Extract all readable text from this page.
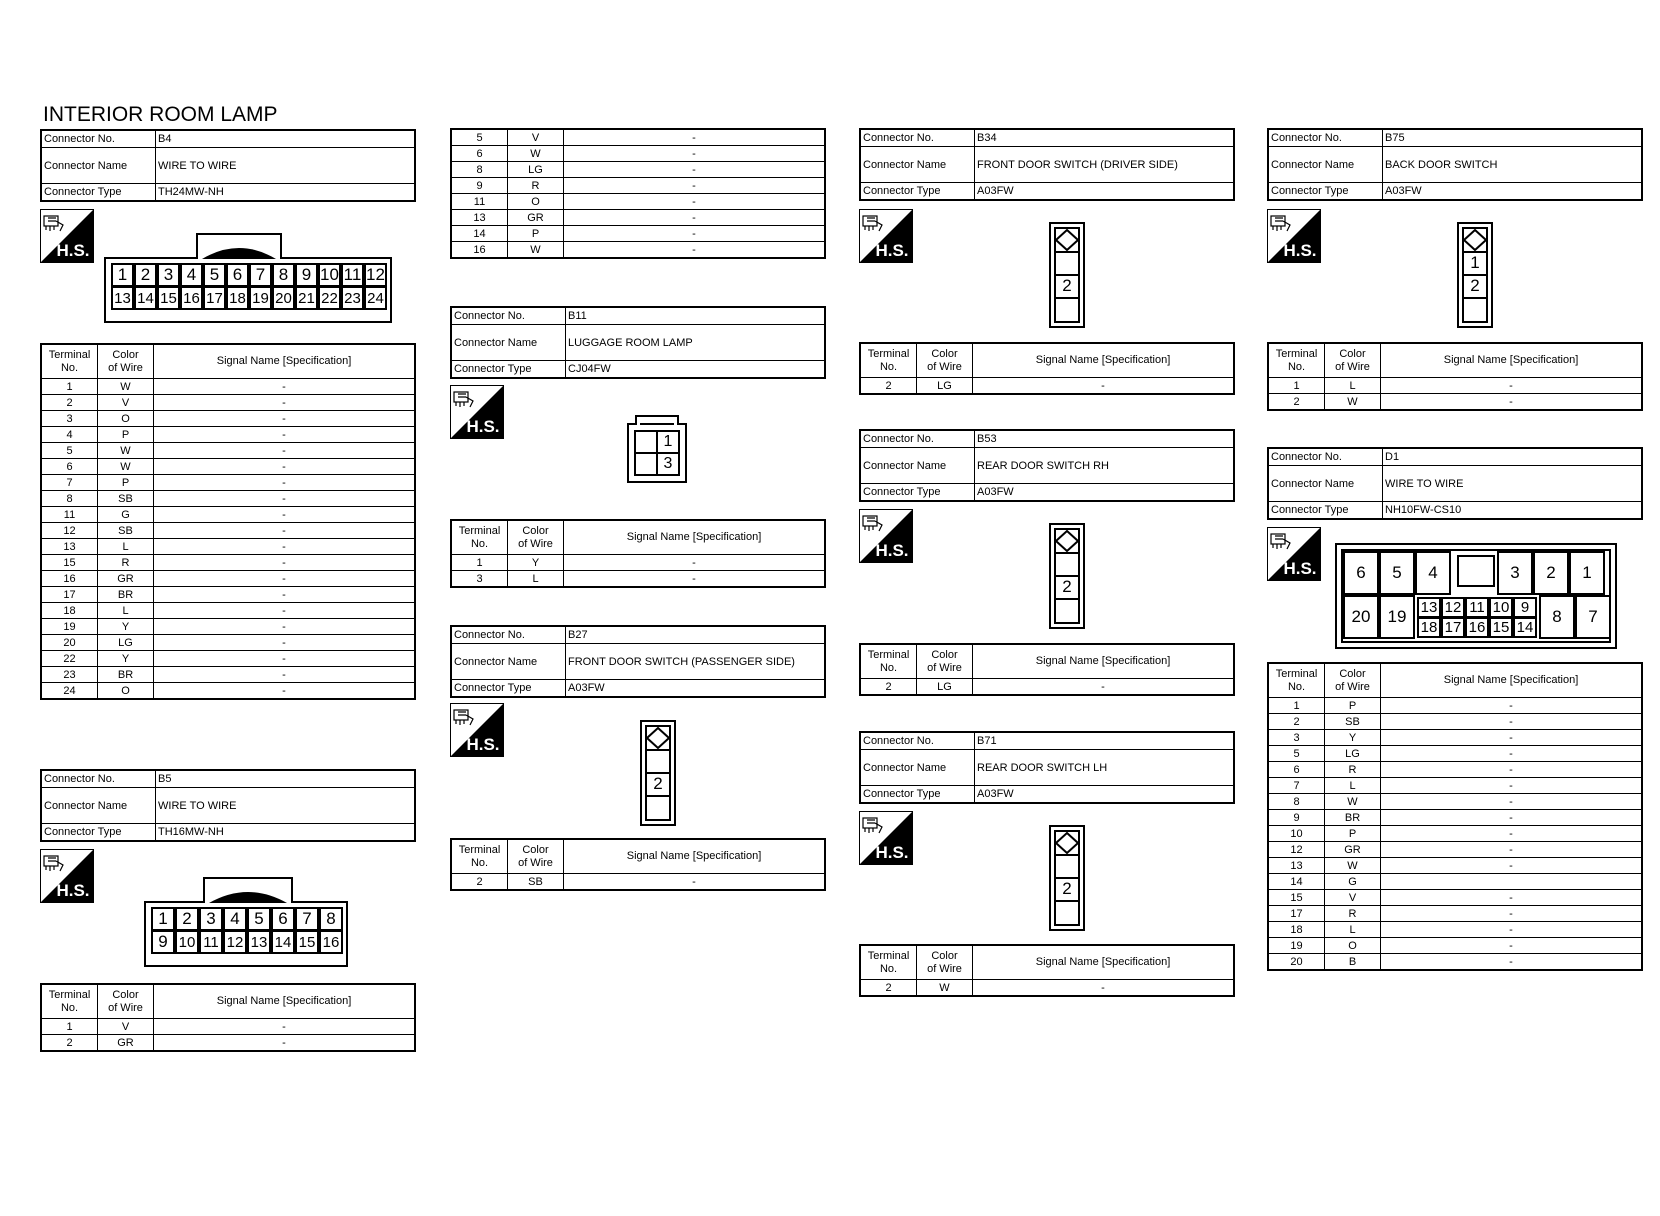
INTERIOR ROOM LAMP
Connector No.	B4
Connector Name	WIRE TO WIRE
Connector Type	TH24MW-NH
H.S.
1 2 3 4 5 6 7 8 9 10 11 12
13 14 15 16 17 18 19 20 21 22 23 24
Terminal
No.	Color
of Wire	Signal Name [Specification]
1	W	-
2	V	-
3	O	-
4	P	-
5	W	-
6	W	-
7	P	-
8	SB	-
11	G	-
12	SB	-
13	L	-
15	R	-
16	GR	-
17	BR	-
18	L	-
19	Y	-
20	LG	-
22	Y	-
23	BR	-
24	O	-
Connector No.	B5
Connector Name	WIRE TO WIRE
Connector Type	TH16MW-NH
H.S.
1 2 3 4 5 6 7 8
9 10 11 12 13 14 15 16
Terminal
No.	Color
of Wire	Signal Name [Specification]
1	V	-
2	GR	-
5	V	-
6	W	-
8	LG	-
9	R	-
11	O	-
13	GR	-
14	P	-
16	W	-
Connector No.	B11
Connector Name	LUGGAGE ROOM LAMP
Connector Type	CJ04FW
H.S.
1
3
Terminal
No.	Color
of Wire	Signal Name [Specification]
1	Y	-
3	L	-
Connector No.	B27
Connector Name	FRONT DOOR SWITCH (PASSENGER SIDE)
Connector Type	A03FW
H.S.
2
Terminal
No.	Color
of Wire	Signal Name [Specification]
2	SB	-
Connector No.	B34
Connector Name	FRONT DOOR SWITCH (DRIVER SIDE)
Connector Type	A03FW
H.S.
2
Terminal
No.	Color
of Wire	Signal Name [Specification]
2	LG	-
Connector No.	B53
Connector Name	REAR DOOR SWITCH RH
Connector Type	A03FW
H.S.
2
Terminal
No.	Color
of Wire	Signal Name [Specification]
2	LG	-
Connector No.	B71
Connector Name	REAR DOOR SWITCH LH
Connector Type	A03FW
H.S.
2
Terminal
No.	Color
of Wire	Signal Name [Specification]
2	W	-
Connector No.	B75
Connector Name	BACK DOOR SWITCH
Connector Type	A03FW
H.S.
1
2
Terminal
No.	Color
of Wire	Signal Name [Specification]
1	L	-
2	W	-
Connector No.	D1
Connector Name	WIRE TO WIRE
Connector Type	NH10FW-CS10
H.S.	6	5	4	3	2	1
20	19 13 12 11 10 9
18 17 16 15 14
8	7
Terminal
No.	Color
of Wire	Signal Name [Specification]
1	P	-
2	SB	-
3	Y	-
5	LG	-
6	R	-
7	L	-
8	W	-
9	BR	-
10	P	-
12	GR	-
13	W	-
14	G	
15	V	-
17	R	-
18	L	-
19	O	-
20	B	-
